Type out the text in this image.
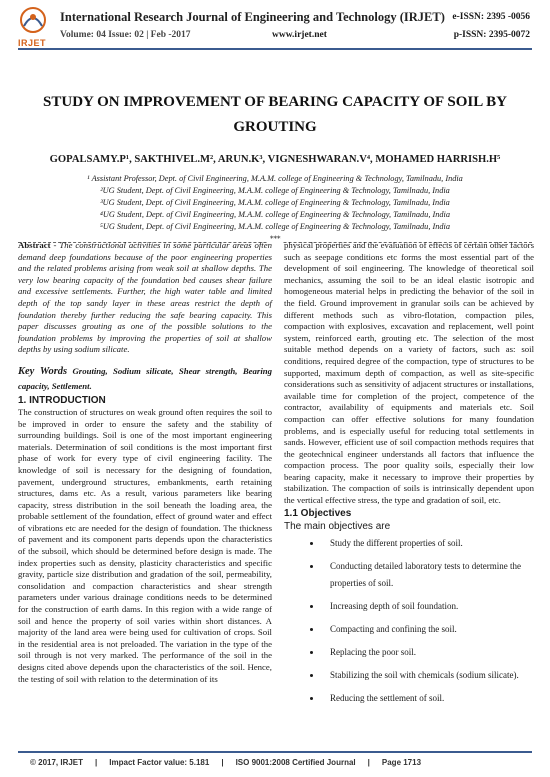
IRJET
International Research Journal of Engineering and Technology (IRJET) e-ISSN: 2395 -0056
Volume: 04 Issue: 02 | Feb -2017	www.irjet.net	p-ISSN: 2395-0072
STUDY ON IMPROVEMENT OF BEARING CAPACITY OF SOIL BY
GROUTING
GOPALSAMY.P¹, SAKTHIVEL.M², ARUN.K³, VIGNESHWARAN.V⁴, MOHAMED HARRISH.H⁵
¹ Assistant Professor, Dept. of Civil Engineering, M.A.M. college of Engineering & Technology, Tamilnadu, India
²UG Student, Dept. of Civil Engineering, M.A.M. college of Engineering & Technology, Tamilnadu, India
³UG Student, Dept. of Civil Engineering, M.A.M. college of Engineering & Technology, Tamilnadu, India
⁴UG Student, Dept. of Civil Engineering, M.A.M. college of Engineering & Technology, Tamilnadu, India
⁵UG Student, Dept. of Civil Engineering, M.A.M. college of Engineering & Technology, Tamilnadu, India
***

Abstract - The constructional activities in some particular areas often demand deep foundations because of the poor engineering properties and the related problems arising from weak soil at shallow depths. The very low bearing capacity of the foundation bed causes shear failure and excessive settlements. Further, the high water table and limited depth of the top sandy layer in these areas restrict the depth of foundation thereby further reducing the safe bearing capacity. This paper discusses grouting as one of the possible solutions to the foundation problems by improving the properties of soil at shallow depths by using sodium silicate.

Key Words Grouting, Sodium silicate, Shear strength, Bearing capacity, Settlement.

1. INTRODUCTION

The construction of structures on weak ground often requires the soil to be improved in order to ensure the safety and the stability of surrounding buildings. Soil is one of the most important engineering materials. Determination of soil conditions is the most important first phase of work for every type of civil engineering facility. The knowledge of soil is necessary for the designing of foundation, pavement, underground structures, embankments, earth retaining structures, dams etc. As a result, various parameters like bearing capacity, stress distribution in the soil beneath the loading area, the probable settlement of the foundation, effect of ground water and effect of vibrations etc are needed for the design of foundation. The thickness of pavement and its component parts depends upon the characteristics of the subsoil, which should be determined before design is made. The index properties such as density, plasticity characteristics and specific gravity, particle size distribution and gradation of the soil, permeability, consolidation and compaction characteristics and shear strength parameters under various drainage conditions needs to be determined for the construction of earth dams. In this region with a wide range of soil and hence the property of soil varies within short distances. A majority of the land area were being used for cultivation of crops. Soil in the residential area is not preloaded. The variation in the type of the soil through is not very marked. The performance of the soil in the designs cited above depends upon the characteristics of the soil. Hence, the testing of soil with relation to the determination of its

physical properties and the evaluation of effects of certain other factors such as seepage conditions etc forms the most essential part of the development of soil engineering. The knowledge of theoretical soil mechanics, assuming the soil to be an ideal elastic isotropic and homogeneous material helps in predicting the behavior of the soil in the field. Ground improvement in granular soils can be achieved by different methods such as vibro-flotation, compaction piles, compaction with explosives, excavation and replacement, well point system, reinforced earth, grouting etc. The selection of the most suitable method depends on a variety of factors, such as: soil conditions, required degree of the compaction, type of structures to be supported, maximum depth of compaction, as well as site-specific considerations such as sensitivity of adjacent structures or installations, available time for completion of the project, competence of the contractor, availability of equipments and materials etc. Soil compaction can offer effective solutions for many foundation problems, and is especially useful for reducing total settlements in sands. However, efficient use of soil compaction methods requires that the geotechnical engineer understands all factors that influence the compaction process. The poor quality soils, especially their low bearing capacity, make it necessary to improve their properties by stabilization. The compaction of soils is intrinsically dependent upon the vertical effective stress, the type and gradation of soil, etc.

1.1 Objectives

The main objectives are

• Study the different properties of soil.
• Conducting detailed laboratory tests to determine the properties of soil.
• Increasing depth of soil foundation.
• Compacting and confining the soil.
• Replacing the poor soil.
• Stabilizing the soil with chemicals (sodium silicate).
• Reducing the settlement of soil.
© 2017, IRJET | Impact Factor value: 5.181 | ISO 9001:2008 Certified Journal | Page 1713
